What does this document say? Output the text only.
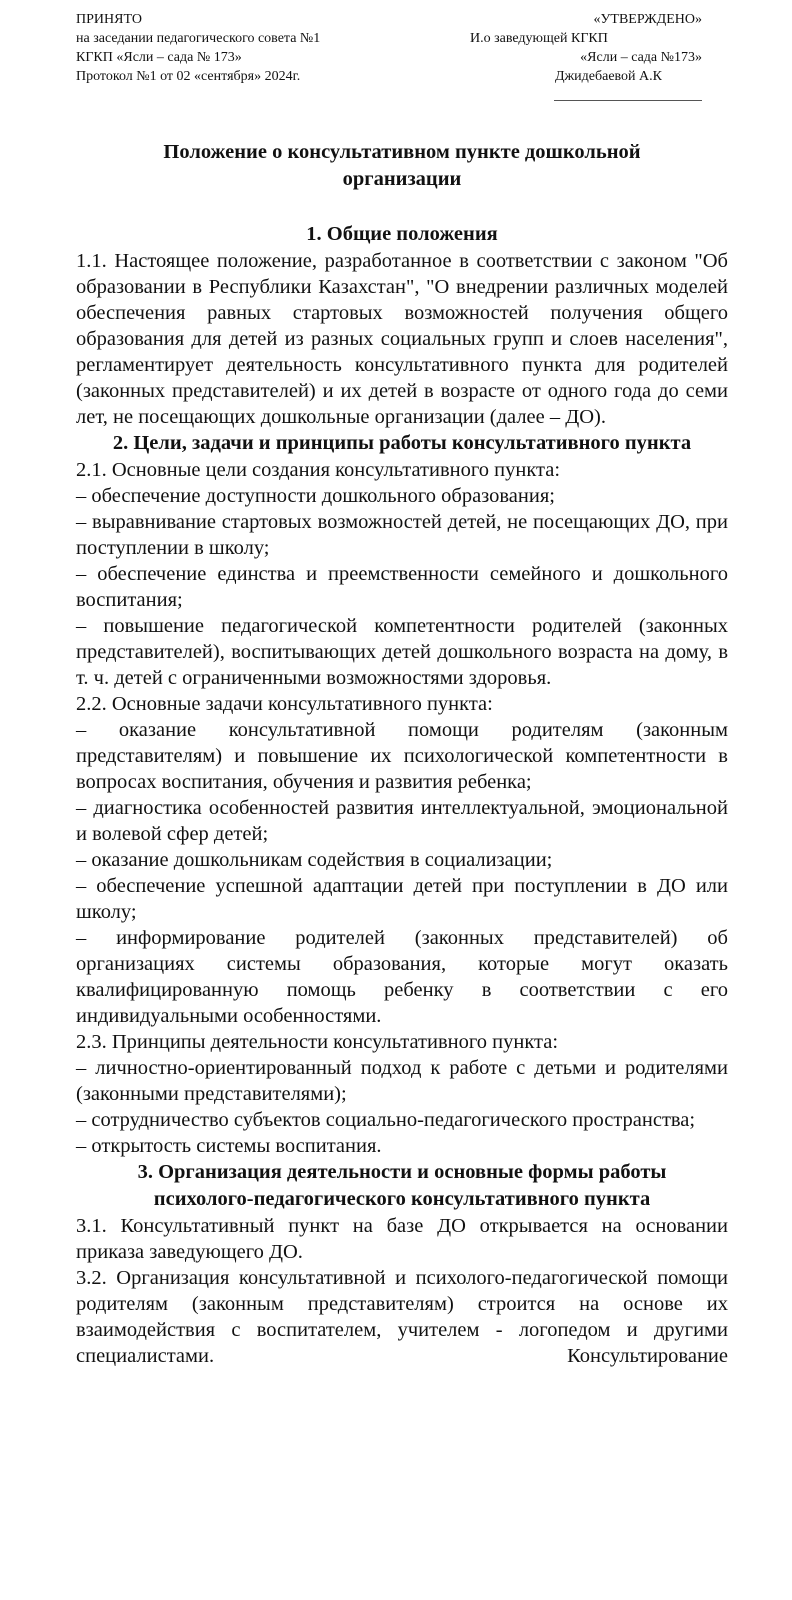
ПРИНЯТО
на заседании педагогического совета №1
КГКП «Ясли – сада № 173»
Протокол №1 от 02 «сентября» 2024г.
«УТВЕРЖДЕНО»
И.о заведующей КГКП
«Ясли – сада №173»
Джидебаевой А.К
Положение о консультативном пункте дошкольной организации
1. Общие положения

1.1. Настоящее положение, разработанное в соответствии с законом "Об образовании в Республики Казахстан", "О внедрении различных моделей обеспечения равных стартовых возможностей получения общего образования для детей из разных социальных групп и слоев населения", регламентирует деятельность консультативного пункта для родителей (законных представителей) и их детей в возрасте от одного года до семи лет, не посещающих дошкольные организации (далее – ДО).

2. Цели, задачи и принципы работы консультативного пункта

2.1. Основные цели создания консультативного пункта:

– обеспечение доступности дошкольного образования;

– выравнивание стартовых возможностей детей, не посещающих ДО, при поступлении в школу;

– обеспечение единства и преемственности семейного и дошкольного воспитания;

– повышение педагогической компетентности родителей (законных представителей), воспитывающих детей дошкольного возраста на дому, в т. ч. детей с ограниченными возможностями здоровья.

2.2. Основные задачи консультативного пункта:

– оказание консультативной помощи родителям (законным представителям) и повышение их психологической компетентности в вопросах воспитания, обучения и развития ребенка;

– диагностика особенностей развития интеллектуальной, эмоциональной и волевой сфер детей;

– оказание дошкольникам содействия в социализации;

– обеспечение успешной адаптации детей при поступлении в ДО или школу;

– информирование родителей (законных представителей) об организациях системы образования, которые могут оказать квалифицированную помощь ребенку в соответствии с его индивидуальными особенностями.

2.3. Принципы деятельности консультативного пункта:

– личностно-ориентированный подход к работе с детьми и родителями (законными представителями);

– сотрудничество субъектов социально-педагогического пространства;

– открытость системы воспитания.

3. Организация деятельности и основные формы работы психолого-педагогического консультативного пункта

3.1. Консультативный пункт на базе ДО открывается на основании приказа заведующего ДО.

3.2. Организация консультативной и психолого-педагогической помощи родителям (законным представителям) строится на основе их взаимодействия с воспитателем, учителем - логопедом и другими специалистами. Консультирование
